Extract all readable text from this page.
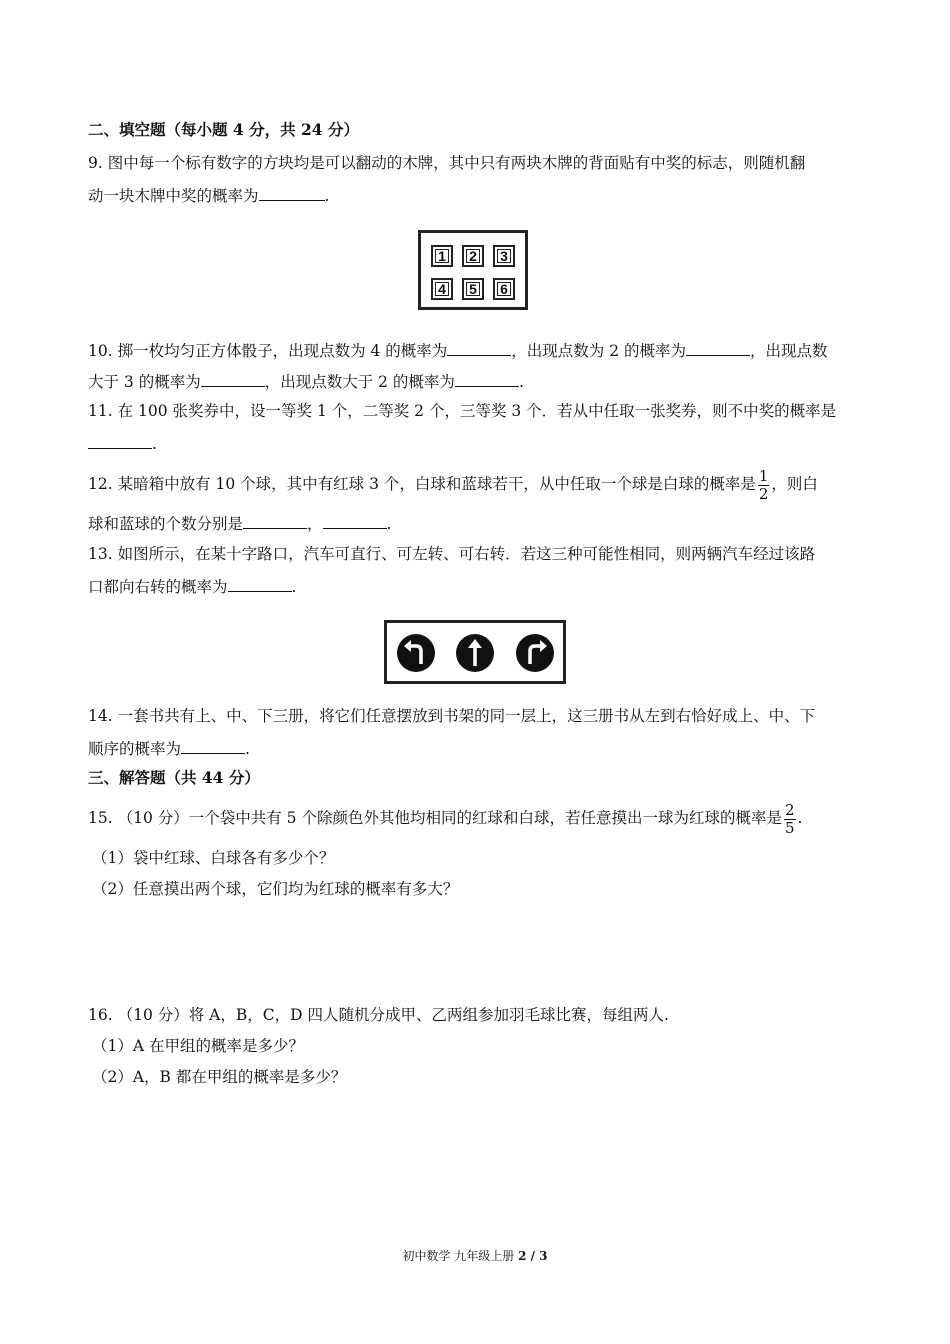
二、填空题（每小题 4 分，共 24 分）
9. 图中每一个标有数字的方块均是可以翻动的木牌，其中只有两块木牌的背面贴有中奖的标志，则随机翻
动一块木牌中奖的概率为	.
1	2	3
4	5	6
10. 掷一枚均匀正方体骰子，出现点数为 4 的概率为	，出现点数为 2 的概率为	，出现点数
大于 3 的概率为	，出现点数大于 2 的概率为	.
11. 在 100 张奖券中，设一等奖 1 个，二等奖 2 个，三等奖 3 个．若从中任取一张奖券，则不中奖的概率是
.
12. 某暗箱中放有 10 个球，其中有红球 3 个，白球和蓝球若干，从中任取一个球是白球的概率是 $\frac{1}{2}$ ，则白
球和蓝球的个数分别是	，	.
13. 如图所示，在某十字路口，汽车可直行、可左转、可右转．若这三种可能性相同，则两辆汽车经过该路
口都向右转的概率为	.
14. 一套书共有上、中、下三册，将它们任意摆放到书架的同一层上，这三册书从左到右恰好成上、中、下
顺序的概率为	.
三、解答题（共 44 分）
15. （10 分）一个袋中共有 5 个除颜色外其他均相同的红球和白球，若任意摸出一球为红球的概率是 $\frac{2}{5}$ .
（1）袋中红球、白球各有多少个？
（2）任意摸出两个球，它们均为红球的概率有多大？
16. （10 分）将 A，B，C，D 四人随机分成甲、乙两组参加羽毛球比赛，每组两人.
（1）A 在甲组的概率是多少？
（2）A，B 都在甲组的概率是多少？
初中数学 九年级上册 2 / 3
